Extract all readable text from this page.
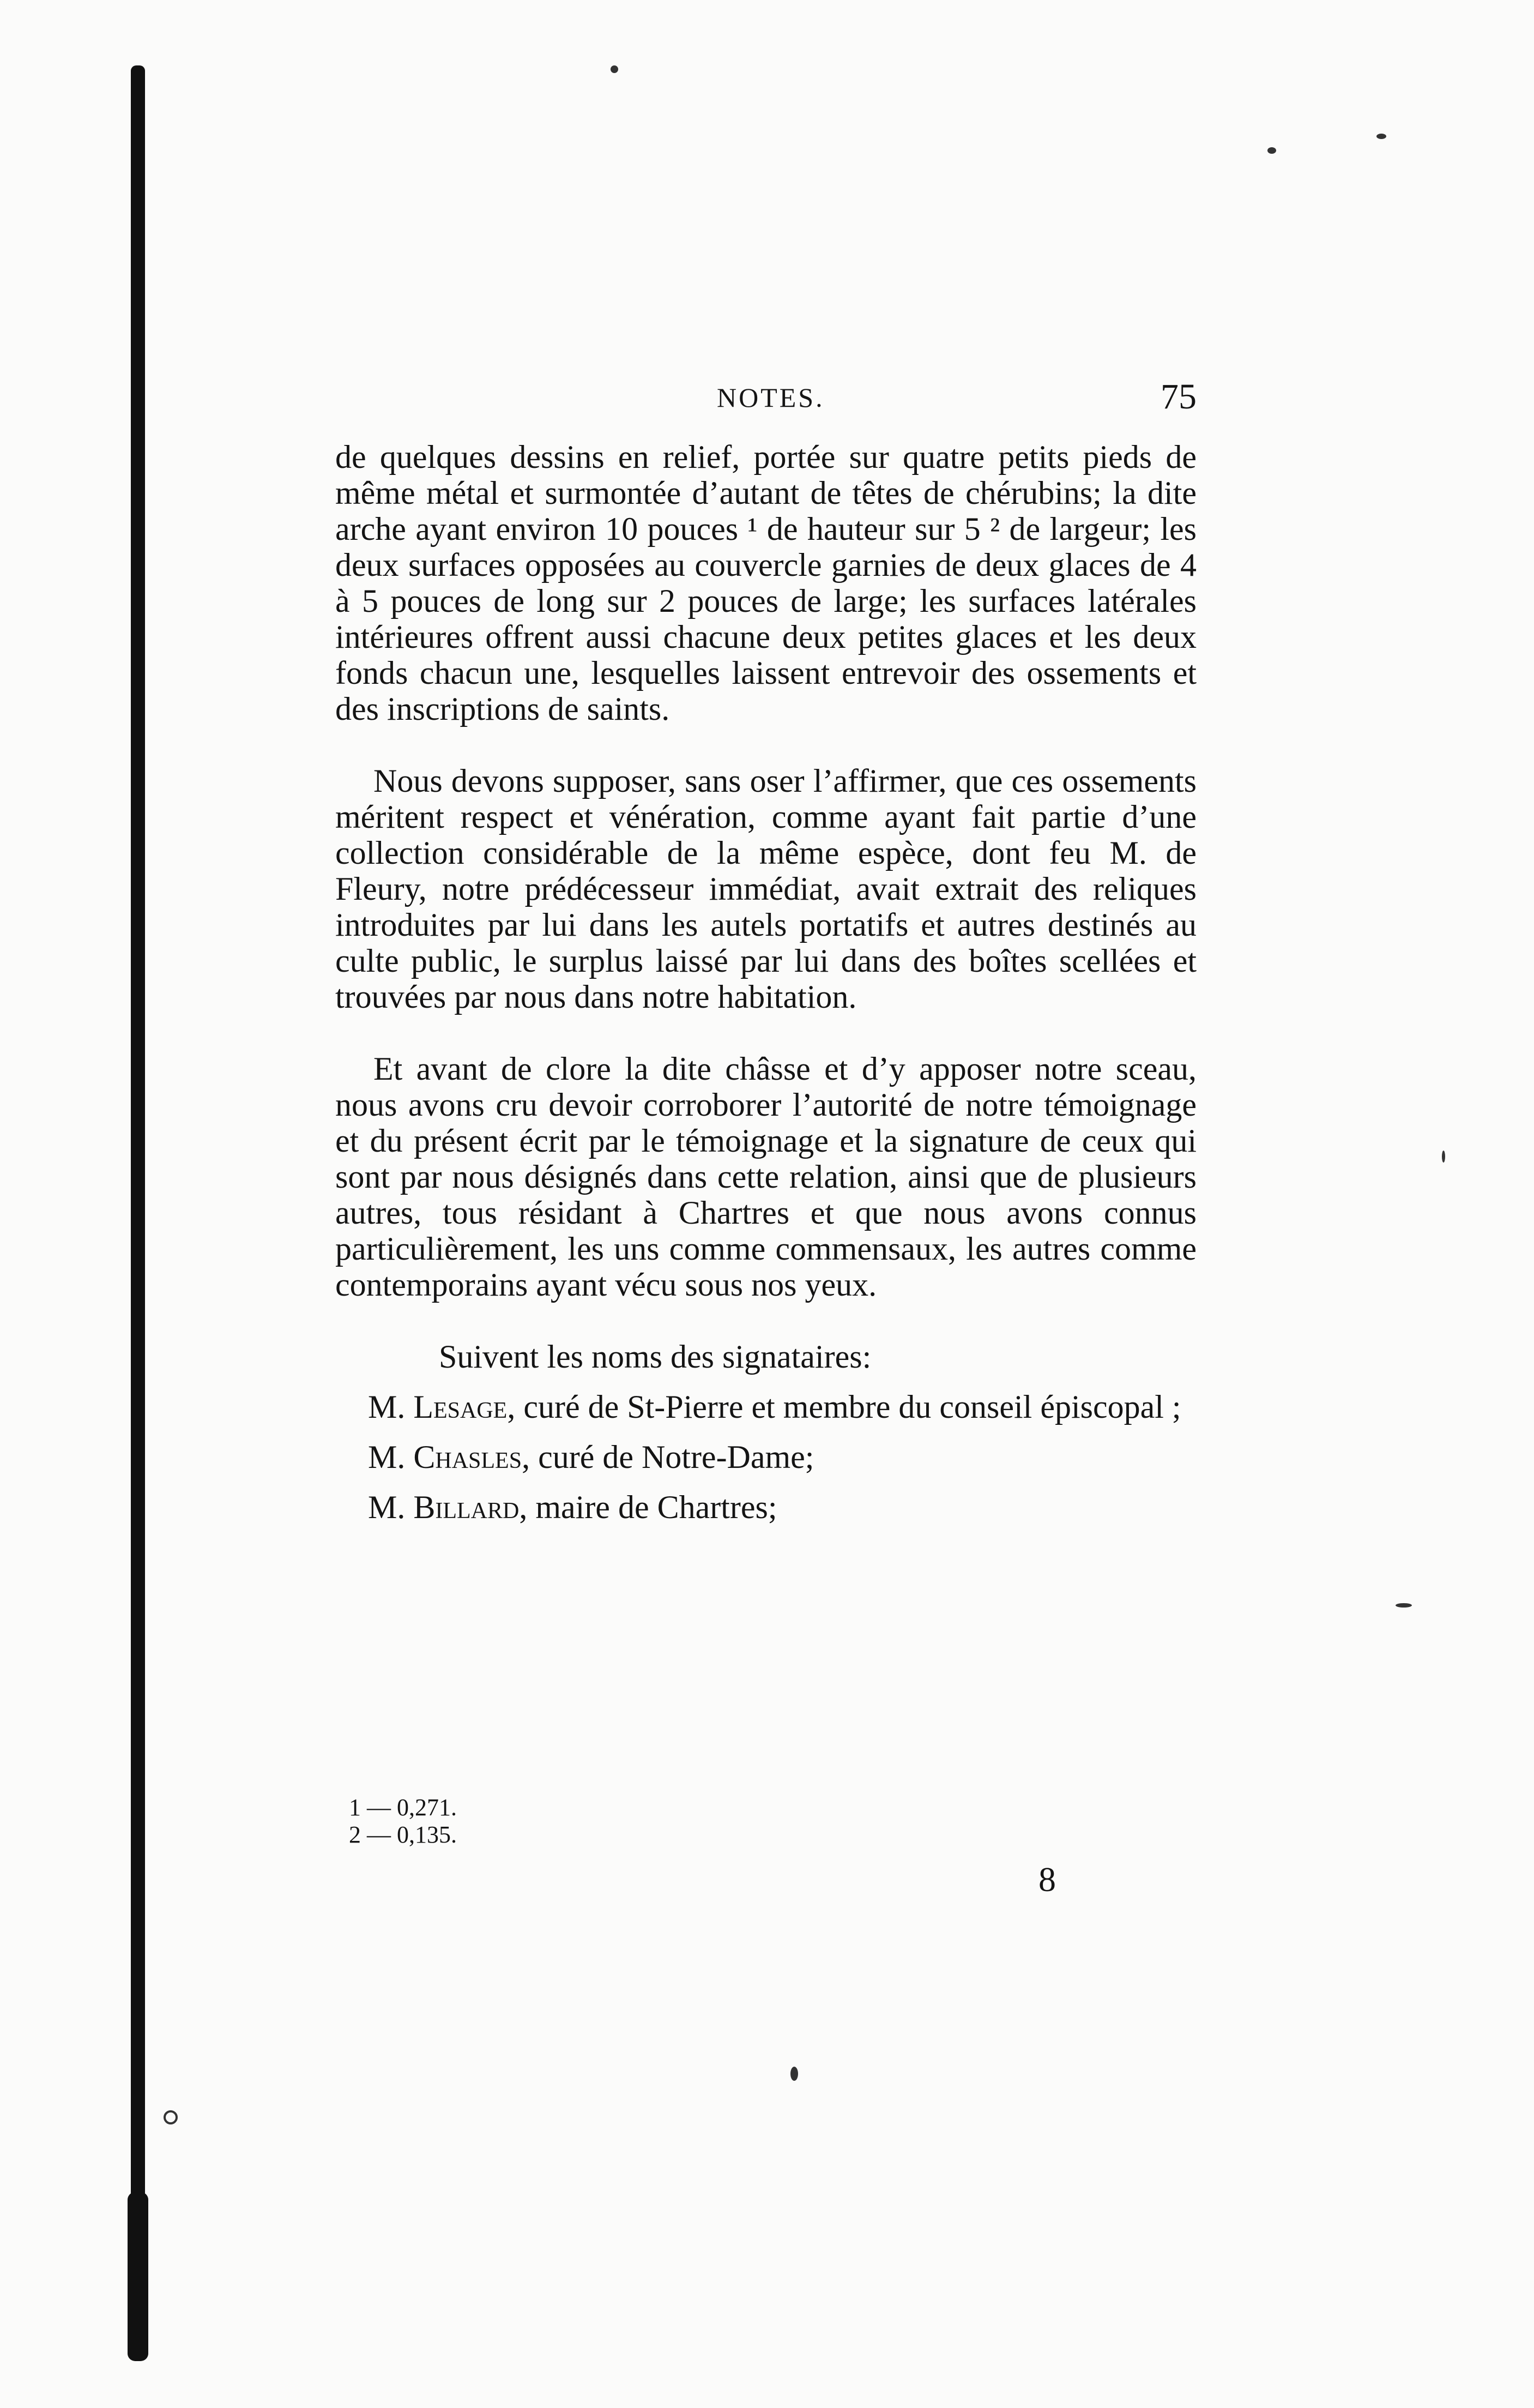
NOTES.	75

de quelques dessins en relief, portée sur quatre petits pieds de même métal et surmontée d’autant de têtes de chérubins; la dite arche ayant environ 10 pouces ¹ de hauteur sur 5 ² de largeur; les deux surfaces opposées au couvercle garnies de deux glaces de 4 à 5 pouces de long sur 2 pouces de large; les surfaces latérales intérieures offrent aussi chacune deux petites glaces et les deux fonds chacun une, lesquelles laissent entrevoir des ossements et des inscriptions de saints.

Nous devons supposer, sans oser l’affirmer, que ces ossements méritent respect et vénération, comme ayant fait partie d’une collection considérable de la même espèce, dont feu M. de Fleury, notre prédécesseur immédiat, avait extrait des reliques introduites par lui dans les autels portatifs et autres destinés au culte public, le surplus laissé par lui dans des boîtes scellées et trouvées par nous dans notre habitation.

Et avant de clore la dite châsse et d’y apposer notre sceau, nous avons cru devoir corroborer l’autorité de notre témoignage et du présent écrit par le témoignage et la signature de ceux qui sont par nous désignés dans cette relation, ainsi que de plusieurs autres, tous résidant à Chartres et que nous avons connus particulièrement, les uns comme commensaux, les autres comme contemporains ayant vécu sous nos yeux.

Suivent les noms des signataires:

M. Lesage, curé de St-Pierre et membre du conseil épiscopal ;

M. Chasles, curé de Notre-Dame;

M. Billard, maire de Chartres;

1 — 0,271.
2 — 0,135.
8
